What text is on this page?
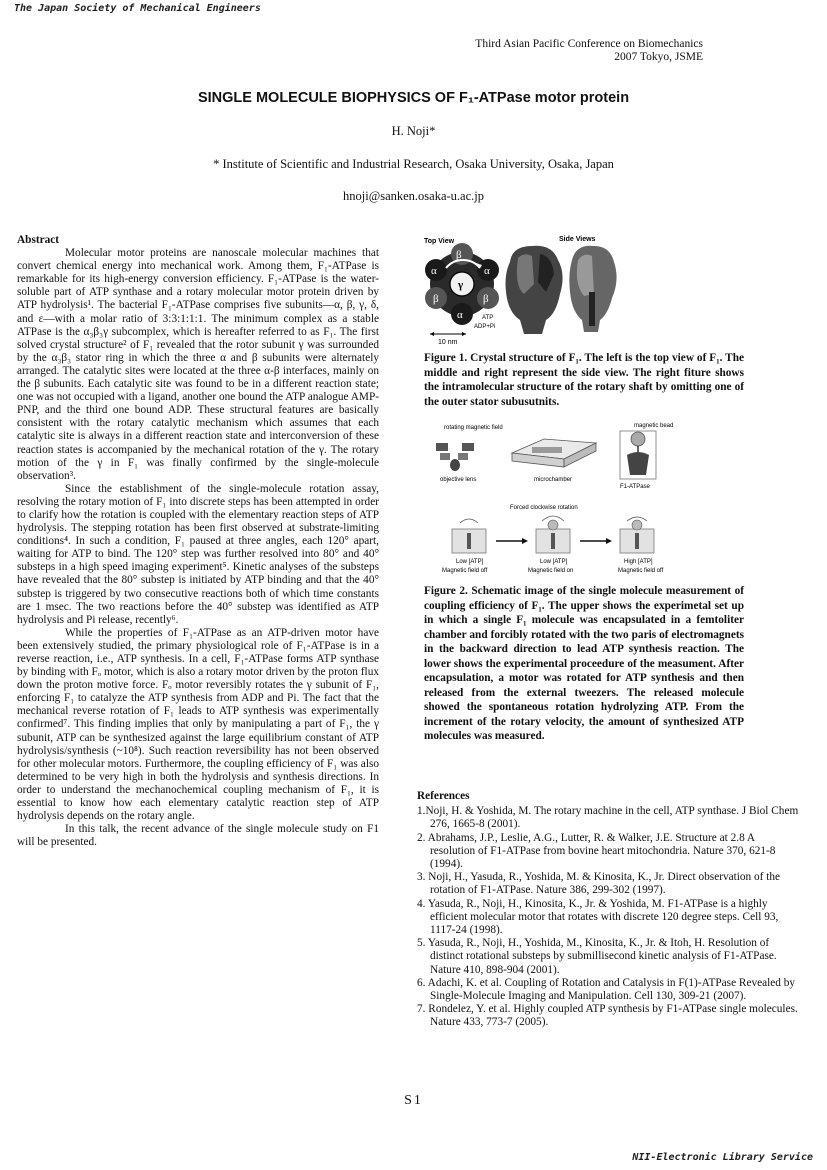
The Japan Society of Mechanical Engineers
Third Asian Pacific Conference on Biomechanics
2007 Tokyo, JSME
SINGLE MOLECULE BIOPHYSICS OF F₁-ATPase motor protein
H. Noji*
* Institute of Scientific and Industrial Research, Osaka University, Osaka, Japan
hnoji@sanken.osaka-u.ac.jp
Abstract

Molecular motor proteins are nanoscale molecular machines that convert chemical energy into mechanical work. Among them, F₁-ATPase is remarkable for its high-energy conversion efficiency. F₁-ATPase is the water-soluble part of ATP synthase and a rotary molecular motor protein driven by ATP hydrolysis¹. The bacterial F₁-ATPase comprises five subunits—α, β, γ, δ, and ε—with a molar ratio of 3:3:1:1:1. The minimum complex as a stable ATPase is the α₃β₃γ subcomplex, which is hereafter referred to as F₁. The first solved crystal structure² of F₁ revealed that the rotor subunit γ was surrounded by the α₃β₃ stator ring in which the three α and β subunits were alternately arranged. The catalytic sites were located at the three α-β interfaces, mainly on the β subunits. Each catalytic site was found to be in a different reaction state; one was not occupied with a ligand, another one bound the ATP analogue AMP-PNP, and the third one bound ADP. These structural features are basically consistent with the rotary catalytic mechanism which assumes that each catalytic site is always in a different reaction state and interconversion of these reaction states is accompanied by the mechanical rotation of the γ. The rotary motion of the γ in F₁ was finally confirmed by the single-molecule observation³.

Since the establishment of the single-molecule rotation assay, resolving the rotary motion of F₁ into discrete steps has been attempted in order to clarify how the rotation is coupled with the elementary reaction steps of ATP hydrolysis. The stepping rotation has been first observed at substrate-limiting conditions⁴. In such a condition, F₁ paused at three angles, each 120° apart, waiting for ATP to bind. The 120° step was further resolved into 80° and 40° substeps in a high speed imaging experiment⁵. Kinetic analyses of the substeps have revealed that the 80° substep is initiated by ATP binding and that the 40° substep is triggered by two consecutive reactions both of which time constants are 1 msec. The two reactions before the 40° substep was identified as ATP hydrolysis and Pi release, recently⁶.

While the properties of F₁-ATPase as an ATP-driven motor have been extensively studied, the primary physiological role of F₁-ATPase is in a reverse reaction, i.e., ATP synthesis. In a cell, F₁-ATPase forms ATP synthase by binding with Fₒ motor, which is also a rotary motor driven by the proton flux down the proton motive force. Fₒ motor reversibly rotates the γ subunit of F₁, enforcing F₁ to catalyze the ATP synthesis from ADP and Pi. The fact that the mechanical reverse rotation of F₁ leads to ATP synthesis was experimentally confirmed⁷. This finding implies that only by manipulating a part of F₁, the γ subunit, ATP can be synthesized against the large equilibrium constant of ATP hydrolysis/synthesis (~10⁸). Such reaction reversibility has not been observed for other molecular motors. Furthermore, the coupling efficiency of F₁ was also determined to be very high in both the hydrolysis and synthesis directions. In order to understand the mechanochemical coupling mechanism of F₁, it is essential to know how each elementary catalytic reaction step of ATP hydrolysis depends on the rotary angle.

In this talk, the recent advance of the single molecule study on F1 will be presented.

Top View	Side Views
γ
β
α	α
β	β
α	ATP
ADP+Pi
10 nm

Figure 1. Crystal structure of F₁. The left is the top view of F₁. The middle and right represent the side view. The right fiture shows the intramolecular structure of the rotary shaft by omitting one of the outer stator subusutnits.

rotating magnetic field	magnetic bead
objective lens	microchamber
F1-ATPase
Forced clockwise rotation
Low [ATP]
Magnetic field off
Low [ATP]
Magnetic field on
High [ATP]
Magnetic field off

Figure 2. Schematic image of the single molecule measurement of coupling efficiency of F₁. The upper shows the experimetal set up in which a single F₁ molecule was encapsulated in a femtoliter chamber and forcibly rotated with the two paris of electromagnets in the backward direction to lead ATP synthesis reaction. The lower shows the experimental proceedure of the measument. After encapsulation, a motor was rotated for ATP synthesis and then released from the external tweezers. The released molecule showed the spontaneous rotation hydrolyzing ATP. From the increment of the rotary velocity, the amount of synthesized ATP molecules was measured.

References

1.Noji, H. & Yoshida, M. The rotary machine in the cell, ATP synthase. J Biol Chem 276, 1665-8 (2001).

2. Abrahams, J.P., Leslie, A.G., Lutter, R. & Walker, J.E. Structure at 2.8 A resolution of F1-ATPase from bovine heart mitochondria. Nature 370, 621-8 (1994).

3. Noji, H., Yasuda, R., Yoshida, M. & Kinosita, K., Jr. Direct observation of the rotation of F1-ATPase. Nature 386, 299-302 (1997).

4. Yasuda, R., Noji, H., Kinosita, K., Jr. & Yoshida, M. F1-ATPase is a highly efficient molecular motor that rotates with discrete 120 degree steps. Cell 93, 1117-24 (1998).

5. Yasuda, R., Noji, H., Yoshida, M., Kinosita, K., Jr. & Itoh, H. Resolution of distinct rotational substeps by submillisecond kinetic analysis of F1-ATPase. Nature 410, 898-904 (2001).

6. Adachi, K. et al. Coupling of Rotation and Catalysis in F(1)-ATPase Revealed by Single-Molecule Imaging and Manipulation. Cell 130, 309-21 (2007).

7. Rondelez, Y. et al. Highly coupled ATP synthesis by F1-ATPase single molecules. Nature 433, 773-7 (2005).

S1
NII-Electronic Library Service
